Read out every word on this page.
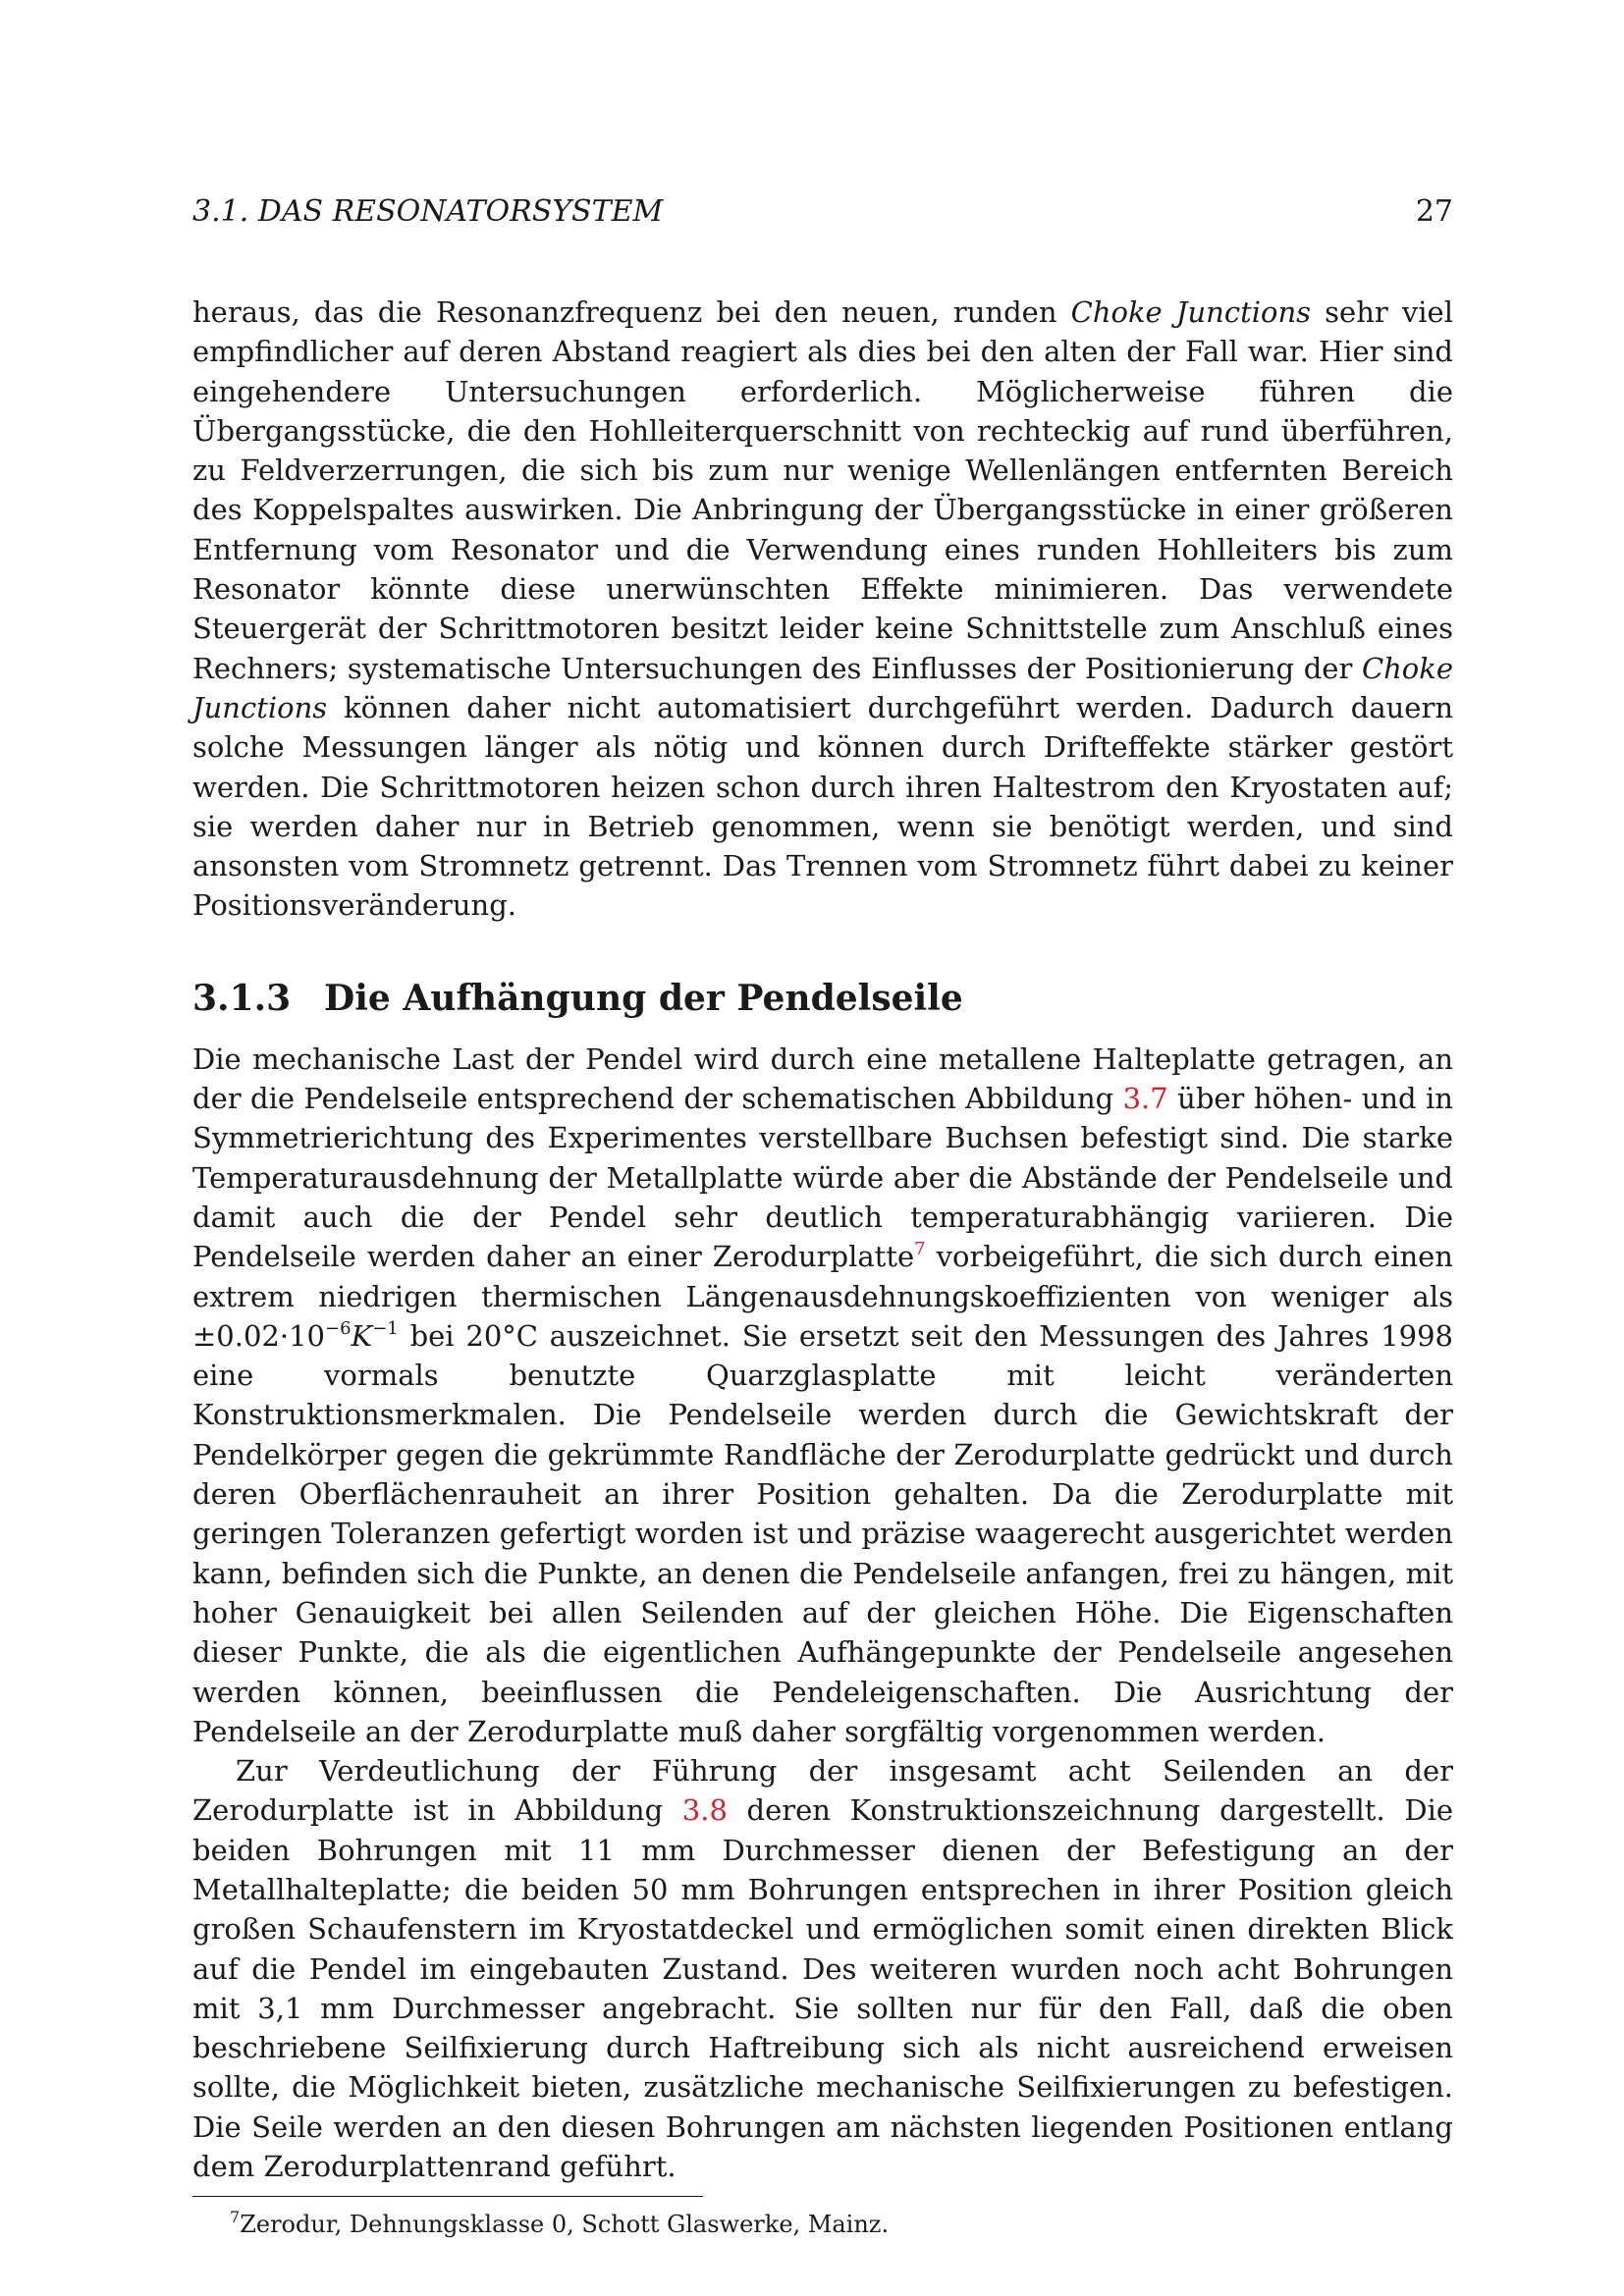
3.1. DAS RESONATORSYSTEM	27

heraus, das die Resonanzfrequenz bei den neuen, runden Choke Junctions sehr viel empfindlicher auf deren Abstand reagiert als dies bei den alten der Fall war. Hier sind eingehendere Untersuchungen erforderlich. Möglicherweise führen die Übergangsstücke, die den Hohlleiterquerschnitt von rechteckig auf rund überführen, zu Feldverzerrungen, die sich bis zum nur wenige Wellenlängen entfernten Bereich des Koppelspaltes auswirken. Die Anbringung der Übergangsstücke in einer größeren Entfernung vom Resonator und die Verwendung eines runden Hohlleiters bis zum Resonator könnte diese unerwünschten Effekte minimieren. Das verwendete Steuergerät der Schrittmotoren besitzt leider keine Schnittstelle zum Anschluß eines Rechners; systematische Untersuchungen des Einflusses der Positionierung der Choke Junctions können daher nicht automatisiert durchgeführt werden. Dadurch dauern solche Messungen länger als nötig und können durch Drifteffekte stärker gestört werden. Die Schrittmotoren heizen schon durch ihren Haltestrom den Kryostaten auf; sie werden daher nur in Betrieb genommen, wenn sie benötigt werden, und sind ansonsten vom Stromnetz getrennt. Das Trennen vom Stromnetz führt dabei zu keiner Positionsveränderung.

3.1.3 Die Aufhängung der Pendelseile

Die mechanische Last der Pendel wird durch eine metallene Halteplatte getragen, an der die Pendelseile entsprechend der schematischen Abbildung 3.7 über höhen- und in Symmetrierichtung des Experimentes verstellbare Buchsen befestigt sind. Die starke Temperaturausdehnung der Metallplatte würde aber die Abstände der Pendelseile und damit auch die der Pendel sehr deutlich temperaturabhängig variieren. Die Pendelseile werden daher an einer Zerodurplatte$^7$ vorbeigeführt, die sich durch einen extrem niedrigen thermischen Längenausdehnungskoeffizienten von weniger als $\pm 0.02\cdot 10^{-6}K^{-1}$ bei 20°C auszeichnet. Sie ersetzt seit den Messungen des Jahres 1998 eine vormals benutzte Quarzglasplatte mit leicht veränderten Konstruktionsmerkmalen. Die Pendelseile werden durch die Gewichtskraft der Pendelkörper gegen die gekrümmte Randfläche der Zerodurplatte gedrückt und durch deren Oberflächenrauheit an ihrer Position gehalten. Da die Zerodurplatte mit geringen Toleranzen gefertigt worden ist und präzise waagerecht ausgerichtet werden kann, befinden sich die Punkte, an denen die Pendelseile anfangen, frei zu hängen, mit hoher Genauigkeit bei allen Seilenden auf der gleichen Höhe. Die Eigenschaften dieser Punkte, die als die eigentlichen Aufhängepunkte der Pendelseile angesehen werden können, beeinflussen die Pendeleigenschaften. Die Ausrichtung der Pendelseile an der Zerodurplatte muß daher sorgfältig vorgenommen werden.

Zur Verdeutlichung der Führung der insgesamt acht Seilenden an der Zerodurplatte ist in Abbildung 3.8 deren Konstruktionszeichnung dargestellt. Die beiden Bohrungen mit 11 mm Durchmesser dienen der Befestigung an der Metallhalteplatte; die beiden 50 mm Bohrungen entsprechen in ihrer Position gleich großen Schaufenstern im Kryostatdeckel und ermöglichen somit einen direkten Blick auf die Pendel im eingebauten Zustand. Des weiteren wurden noch acht Bohrungen mit 3,1 mm Durchmesser angebracht. Sie sollten nur für den Fall, daß die oben beschriebene Seilfixierung durch Haftreibung sich als nicht ausreichend erweisen sollte, die Möglichkeit bieten, zusätzliche mechanische Seilfixierungen zu befestigen. Die Seile werden an den diesen Bohrungen am nächsten liegenden Positionen entlang dem Zerodurplattenrand geführt.

$^7$Zerodur, Dehnungsklasse 0, Schott Glaswerke, Mainz.
